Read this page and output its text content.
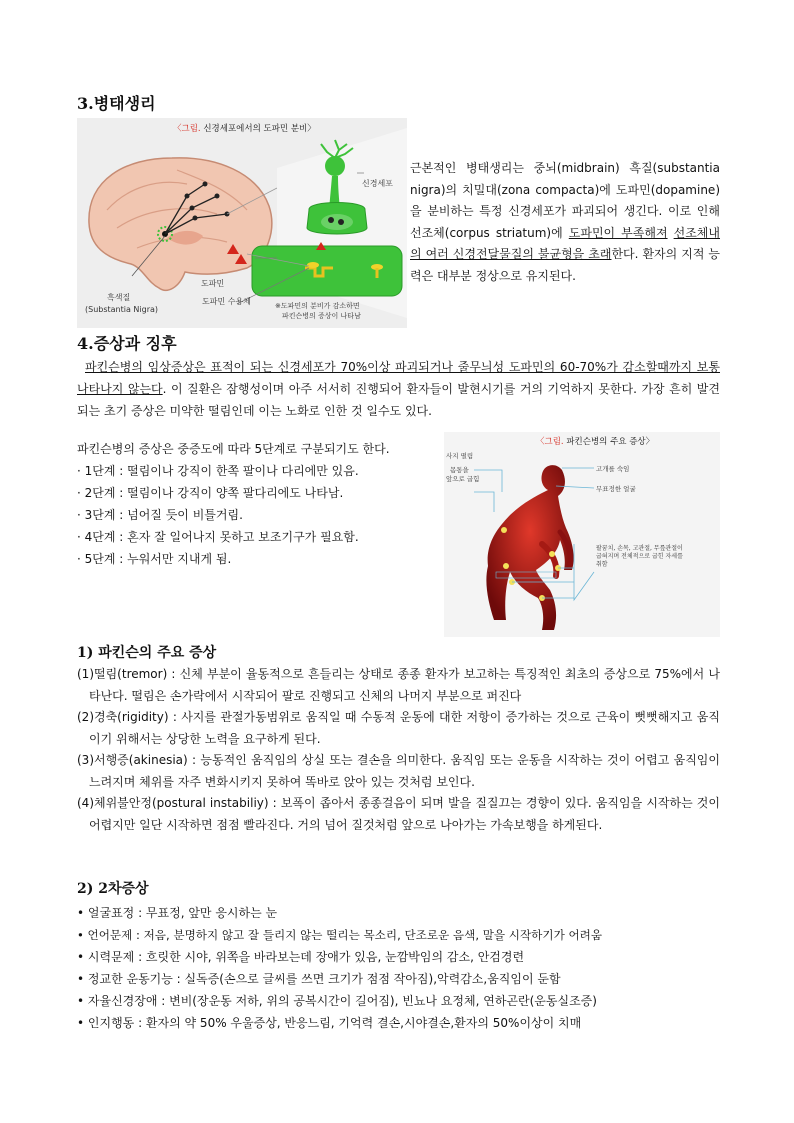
3.병태생리
〈그림. 신경세포에서의 도파민 분비〉
신경세포
도파민
도파민 수용체
흑색질
(Substantia Nigra)	※도파민의 분비가 감소하면
파킨슨병의 증상이 나타남
근본적인 병태생리는 중뇌(midbrain) 흑질(substantia nigra)의 치밀대(zona compacta)에 도파민(dopamine)을 분비하는 특정 신경세포가 파괴되어 생긴다. 이로 인해 선조체(corpus striatum)에 도파민이 부족해져 선조체내의 여러 신경전달물질의 불균형을 초래한다. 환자의 지적 능력은 대부분 정상으로 유지된다.
4.증상과 징후
파킨슨병의 임상증상은 표적이 되는 신경세포가 70%이상 파괴되거나 줄무늬성 도파민의 60-70%가 감소할때까지 보통 나타나지 않는다. 이 질환은 잠행성이며 아주 서서히 진행되어 환자들이 발현시기를 거의 기억하지 못한다. 가장 흔히 발견되는 초기 증상은 미약한 떨림인데 이는 노화로 인한 것 일수도 있다.
파킨슨병의 증상은 중증도에 따라 5단계로 구분되기도 한다.
· 1단계 : 떨림이나 강직이 한쪽 팔이나 다리에만 있음.
· 2단계 : 떨림이나 강직이 양쪽 팔다리에도 나타남.
· 3단계 : 넘어질 듯이 비틀거림.
· 4단계 : 혼자 잘 일어나지 못하고 보조기구가 필요함.
· 5단계 : 누워서만 지내게 됨.
〈그림. 파킨슨병의 주요 증상〉
사지 떨림
몸통을
앞으로 굽힘
고개를 숙임
무표정한 얼굴
팔꿈치, 손목, 고관절, 무릎관절이
굽혀지며 전체적으로 굽힌 자세를
취함
1) 파킨슨의 주요 증상
(1)떨림(tremor) : 신체 부분이 율동적으로 흔들리는 상태로 종종 환자가 보고하는 특징적인 최초의 증상으로 75%에서 나타난다. 떨림은 손가락에서 시작되어 팔로 진행되고 신체의 나머지 부분으로 퍼진다
(2)경축(rigidity) : 사지를 관절가동범위로 움직일 때 수동적 운동에 대한 저항이 증가하는 것으로 근육이 뻣뻣해지고 움직이기 위해서는 상당한 노력을 요구하게 된다.
(3)서행증(akinesia) : 능동적인 움직임의 상실 또는 결손을 의미한다. 움직임 또는 운동을 시작하는 것이 어렵고 움직임이 느려지며 체위를 자주 변화시키지 못하여 똑바로 앉아 있는 것처럼 보인다.
(4)체위불안정(postural instabiliy) : 보폭이 좁아서 종종걸음이 되며 발을 질질끄는 경향이 있다. 움직임을 시작하는 것이 어렵지만 일단 시작하면 점점 빨라진다. 거의 넘어 질것처럼 앞으로 나아가는 가속보행을 하게된다.
2) 2차증상
• 얼굴표정 : 무표정, 앞만 응시하는 눈
• 언어문제 : 저음, 분명하지 않고 잘 들리지 않는 떨리는 목소리, 단조로운 음색, 말을 시작하기가 어려움
• 시력문제 : 흐릿한 시야, 위쪽을 바라보는데 장애가 있음, 눈깜박임의 감소, 안검경련
• 정교한 운동기능 : 실독증(손으로 글씨를 쓰면 크기가 점점 작아짐),악력감소,움직임이 둔함
• 자율신경장애 : 변비(장운동 저하, 위의 공복시간이 길어짐), 빈뇨나 요정체, 연하곤란(운동실조증)
• 인지행동 : 환자의 약 50% 우울증상, 반응느림, 기억력 결손,시야결손,환자의 50%이상이 치매
